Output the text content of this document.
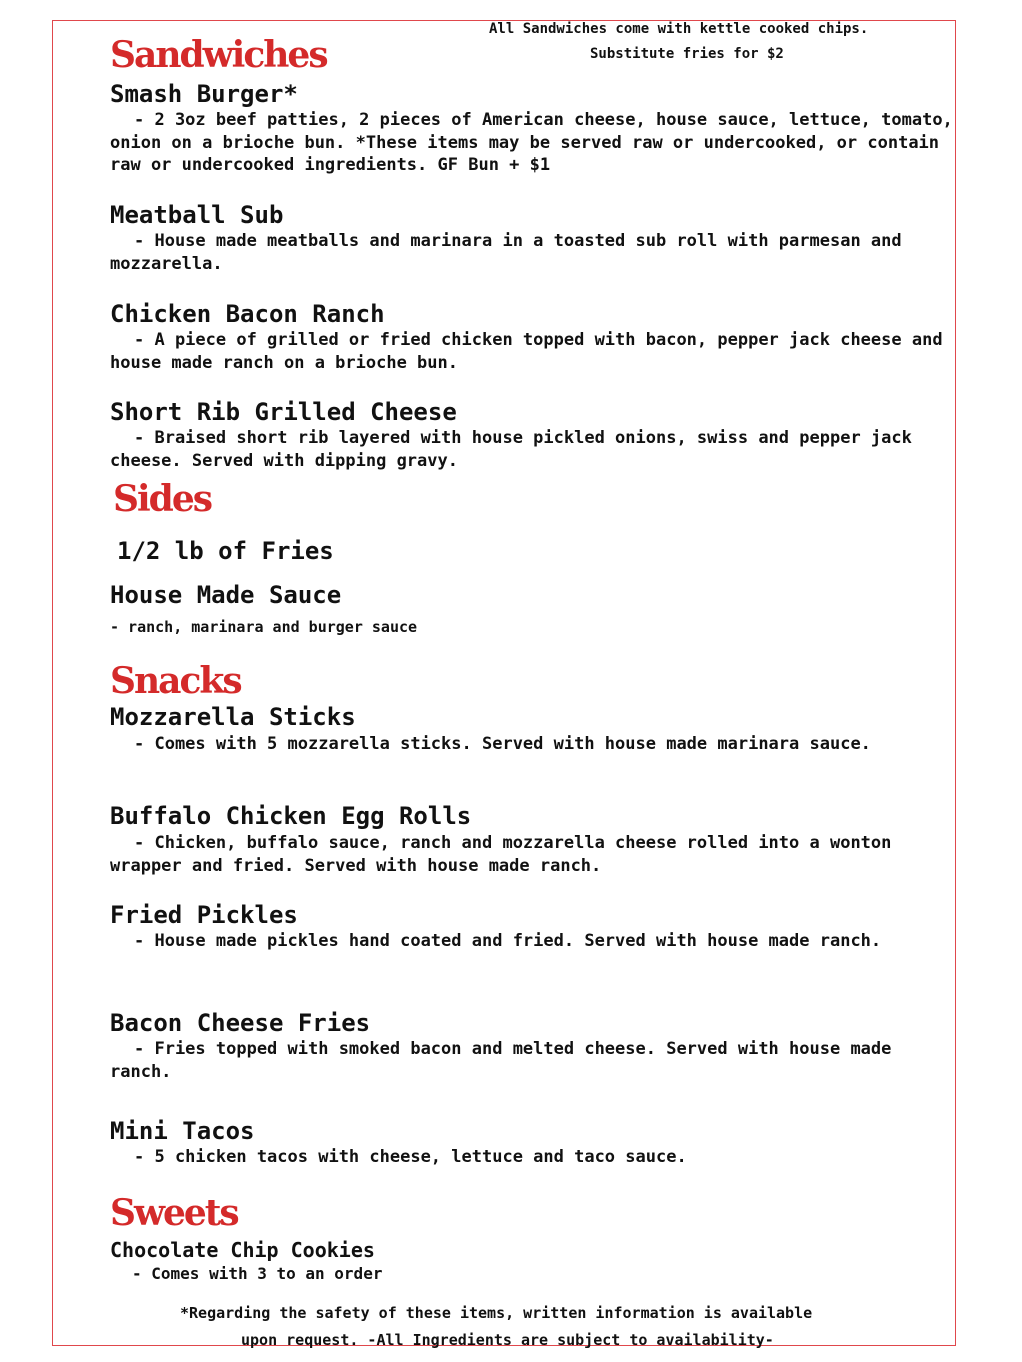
All Sandwiches come with kettle cooked chips.

Substitute fries for $2

Sandwiches
Smash Burger*

- 2 3oz beef patties, 2 pieces of American cheese, house sauce, lettuce, tomato, onion on a brioche bun. *These items may be served raw or undercooked, or contain raw or undercooked ingredients. GF Bun + $1

Meatball Sub

- House made meatballs and marinara in a toasted sub roll with parmesan and mozzarella.

Chicken Bacon Ranch

- A piece of grilled or fried chicken topped with bacon, pepper jack cheese and house made ranch on a brioche bun.

Short Rib Grilled Cheese

- Braised short rib layered with house pickled onions, swiss and pepper jack cheese. Served with dipping gravy.

Sides
1/2 lb of Fries
House Made Sauce

- ranch, marinara and burger sauce

Snacks
Mozzarella Sticks

- Comes with 5 mozzarella sticks. Served with house made marinara sauce.

Buffalo Chicken Egg Rolls

- Chicken, buffalo sauce, ranch and mozzarella cheese rolled into a wonton wrapper and fried. Served with house made ranch.

Fried Pickles

- House made pickles hand coated and fried. Served with house made ranch.

Bacon Cheese Fries

- Fries topped with smoked bacon and melted cheese. Served with house made ranch.

Mini Tacos

- 5 chicken tacos with cheese, lettuce and taco sauce.

Sweets
Chocolate Chip Cookies

- Comes with 3 to an order

*Regarding the safety of these items, written information is available

upon request. -All Ingredients are subject to availability-
